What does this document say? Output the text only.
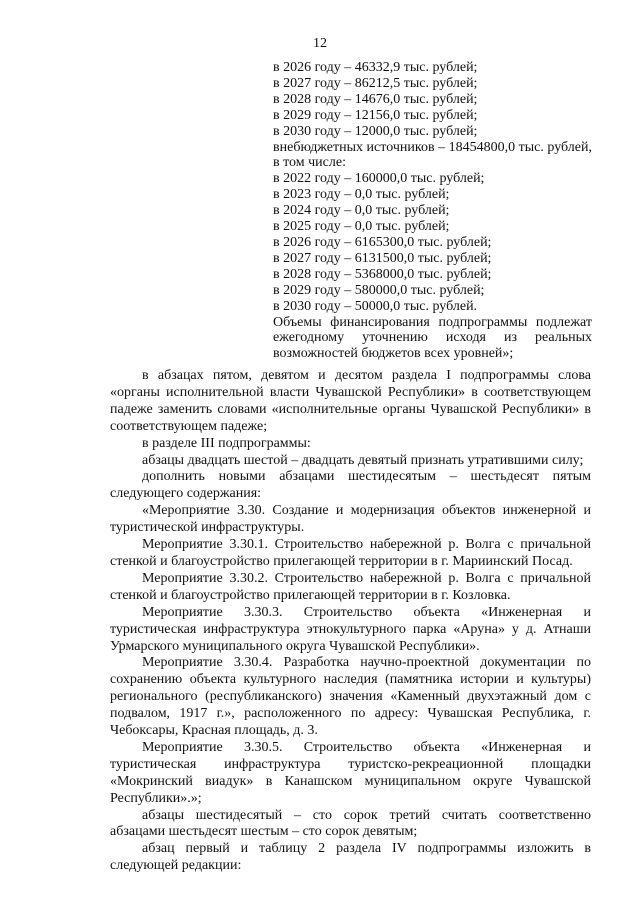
12

в 2026 году – 46332,9 тыс. рублей;

в 2027 году – 86212,5 тыс. рублей;

в 2028 году – 14676,0 тыс. рублей;

в 2029 году – 12156,0 тыс. рублей;

в 2030 году – 12000,0 тыс. рублей;

внебюджетных источников – 18454800,0 тыс. рублей, в том числе:

в 2022 году – 160000,0 тыс. рублей;

в 2023 году – 0,0 тыс. рублей;

в 2024 году – 0,0 тыс. рублей;

в 2025 году – 0,0 тыс. рублей;

в 2026 году – 6165300,0 тыс. рублей;

в 2027 году – 6131500,0 тыс. рублей;

в 2028 году – 5368000,0 тыс. рублей;

в 2029 году – 580000,0 тыс. рублей;

в 2030 году – 50000,0 тыс. рублей.

Объемы финансирования подпрограммы подлежат ежегодному уточнению исходя из реальных возможностей бюджетов всех уровней»;

в абзацах пятом, девятом и десятом раздела I подпрограммы слова «органы исполнительной власти Чувашской Республики» в соответствующем падеже заменить словами «исполнительные органы Чувашской Республики» в соответствующем падеже;

в разделе III подпрограммы:

абзацы двадцать шестой – двадцать девятый признать утратившими силу;

дополнить новыми абзацами шестидесятым – шестьдесят пятым следующего содержания:

«Мероприятие 3.30. Создание и модернизация объектов инженерной и туристической инфраструктуры.

Мероприятие 3.30.1. Строительство набережной р. Волга с причальной стенкой и благоустройство прилегающей территории в г. Мариинский Посад.

Мероприятие 3.30.2. Строительство набережной р. Волга с причальной стенкой и благоустройство прилегающей территории в г. Козловка.

Мероприятие 3.30.3. Строительство объекта «Инженерная и туристическая инфраструктура этнокультурного парка «Аруна» у д. Атнаши Урмарского муниципального округа Чувашской Республики».

Мероприятие 3.30.4. Разработка научно-проектной документации по сохранению объекта культурного наследия (памятника истории и культуры) регионального (республиканского) значения «Каменный двухэтажный дом с подвалом, 1917 г.», расположенного по адресу: Чувашская Республика, г. Чебоксары, Красная площадь, д. 3.

Мероприятие 3.30.5. Строительство объекта «Инженерная и туристическая инфраструктура туристско-рекреационной площадки «Мокринский виадук» в Канашском муниципальном округе Чувашской Республики».»;

абзацы шестидесятый – сто сорок третий считать соответственно абзацами шестьдесят шестым – сто сорок девятым;

абзац первый и таблицу 2 раздела IV подпрограммы изложить в следующей редакции:
